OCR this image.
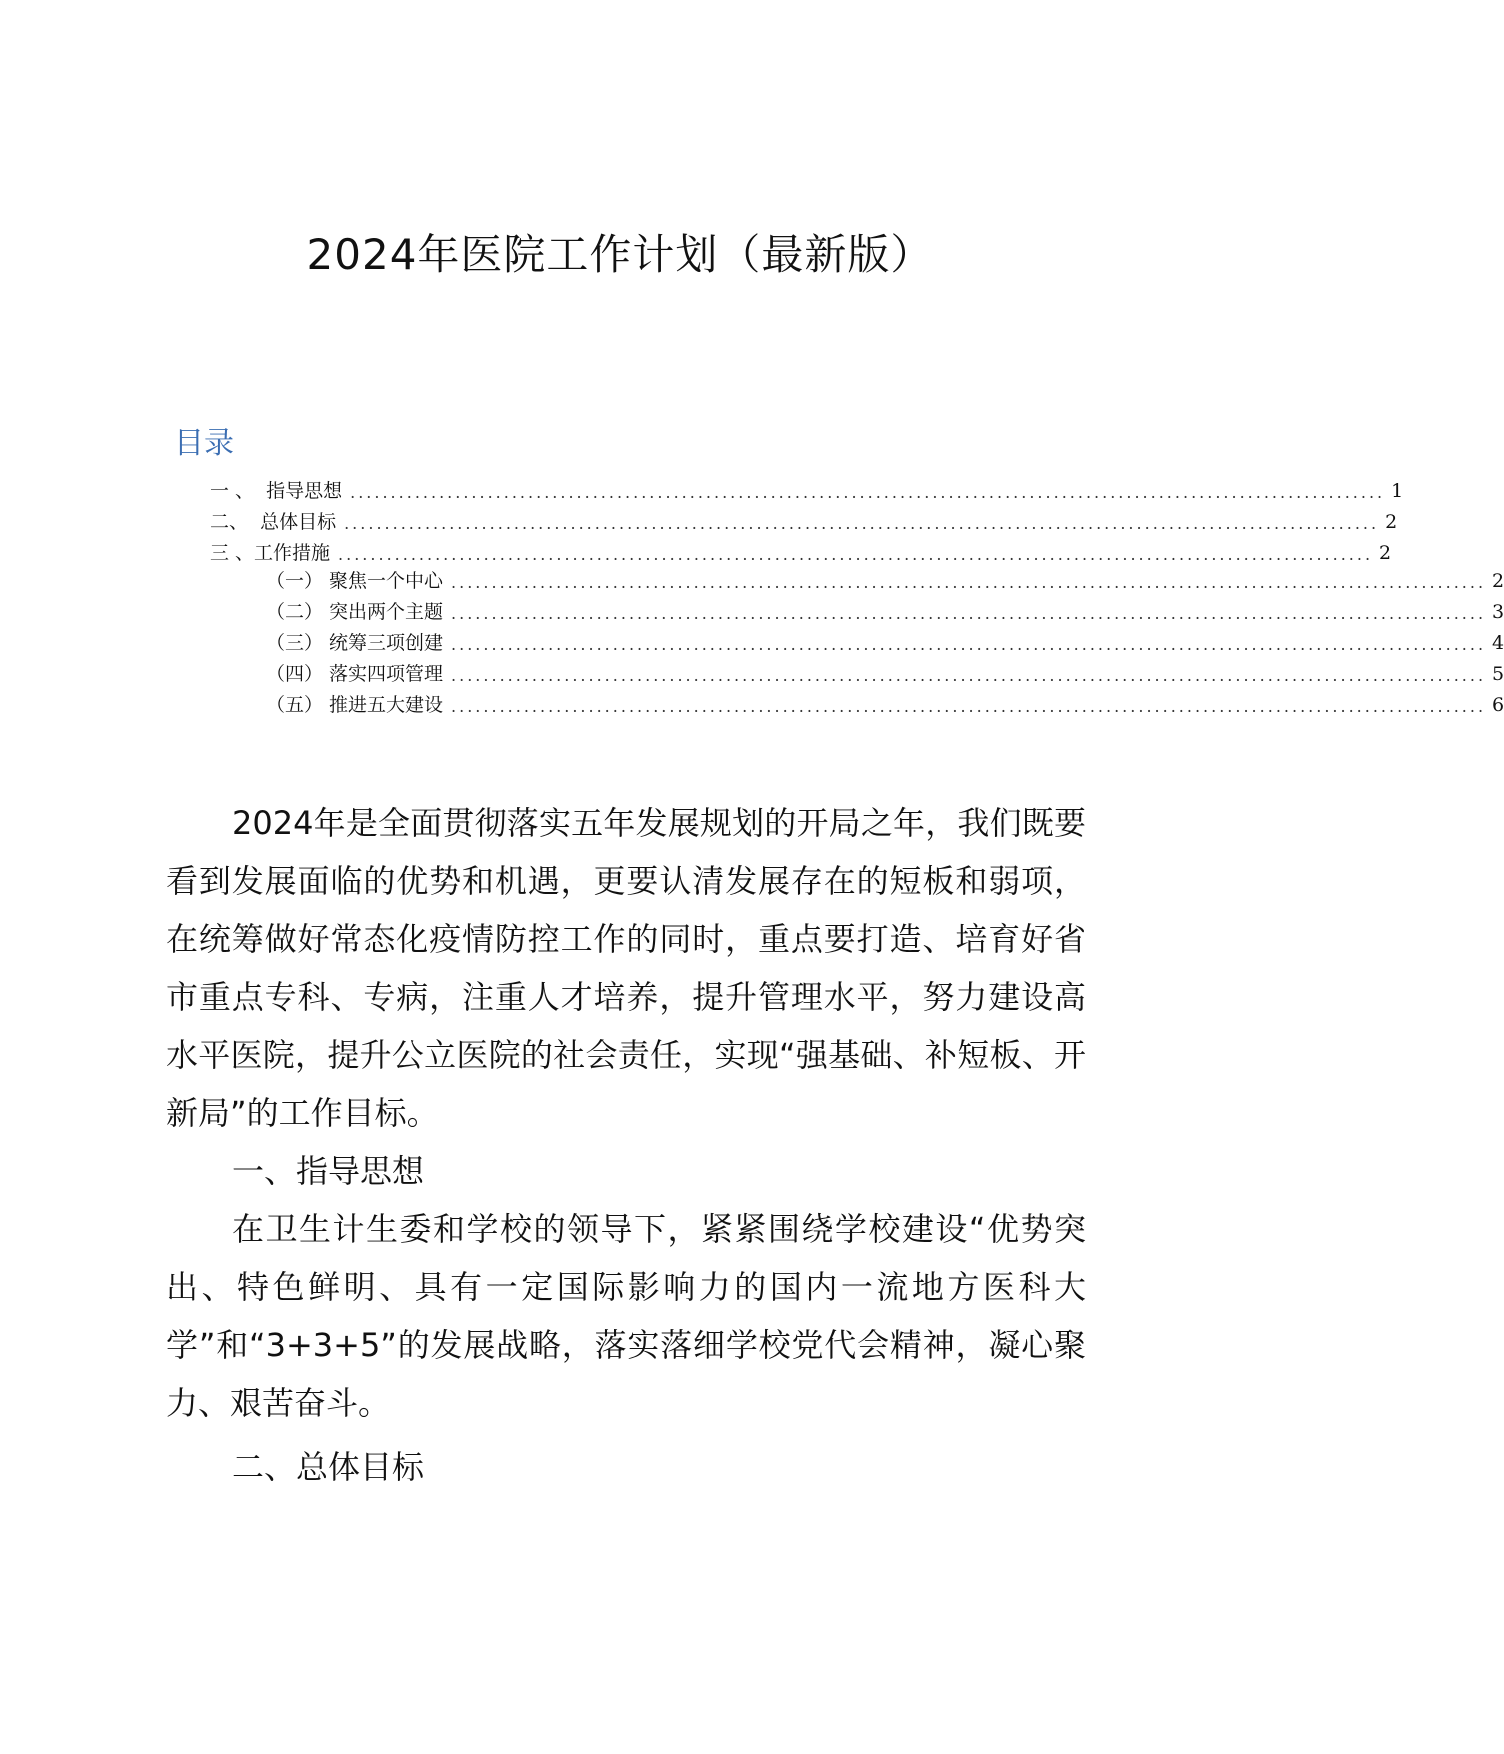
2024年医院工作计划（最新版）
目录
一 、  指导思想 ................................................................................................................................ 1
二、  总体目标 ................................................................................................................................ 2
三 、工作措施 ................................................................................................................................ 2
（一） 聚焦一个中心 ................................................................................................................................ 2
（二） 突出两个主题 ................................................................................................................................ 3
（三） 统筹三项创建 ................................................................................................................................ 4
（四） 落实四项管理 ................................................................................................................................ 5
（五） 推进五大建设 ................................................................................................................................ 6

2024年是全面贯彻落实五年发展规划的开局之年，我们既要看到发展面临的优势和机遇，更要认清发展存在的短板和弱项，在统筹做好常态化疫情防控工作的同时，重点要打造、培育好省市重点专科、专病，注重人才培养，提升管理水平，努力建设高水平医院，提升公立医院的社会责任，实现“强基础、补短板、开新局”的工作目标。

一、指导思想

在卫生计生委和学校的领导下，紧紧围绕学校建设“优势突出、特色鲜明、具有一定国际影响力的国内一流地方医科大学”和“3+3+5”的发展战略，落实落细学校党代会精神，凝心聚力、艰苦奋斗。

二、总体目标
